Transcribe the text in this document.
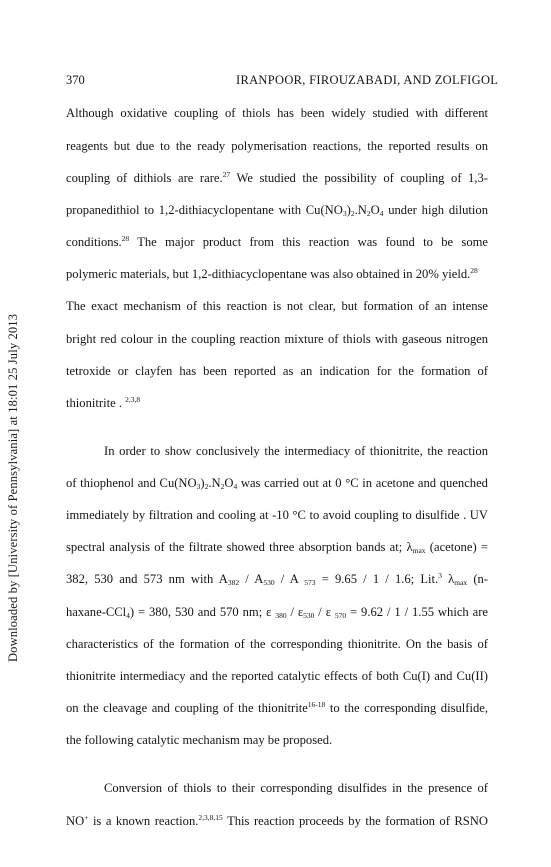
Downloaded by [University of Pennsylvania] at 18:01 25 July 2013
370	IRANPOOR, FIROUZABADI, AND ZOLFIGOL
Although oxidative coupling of thiols has been widely studied with different
reagents but due to the ready polymerisation reactions, the reported results on
coupling of dithiols are rare.$^{27}$ We studied the possibility of coupling of 1,3-
propanedithiol to 1,2-dithiacyclopentane with $Cu(NO_3)_2.N_2O_4$ under high dilution
conditions.$^{28}$ The major product from this reaction was found to be some
polymeric materials, but 1,2-dithiacyclopentane was also obtained in 20% yield.$^{28}$
The exact mechanism of this reaction is not clear, but formation of an intense
bright red colour in the coupling reaction mixture of thiols with gaseous nitrogen
tetroxide or clayfen has been reported as an indication for the formation of
thionitrite . $^{2,3,8}$
In order to show conclusively the intermediacy of thionitrite, the reaction
of thiophenol and $Cu(NO_3)_2.N_2O_4$ was carried out at 0 °C in acetone and quenched
immediately by filtration and cooling at -10 °C to avoid coupling to disulfide . UV
spectral analysis of the filtrate showed three absorption bands at; $\lambda_{max}$ (acetone) =
382, 530 and 573 nm with $A_{382} / A_{530}$ / A $_{573}$ = 9.65 / 1 / 1.6; Lit.$^3$ $\lambda_{max}$ (n-
haxane-CCl$_4$) = 380, 530 and 570 nm; ε $_{380} / \varepsilon_{530}$ / ε $_{570}$ = 9.62 / 1 / 1.55 which are
characteristics of the formation of the corresponding thionitrite. On the basis of
thionitrite intermediacy and the reported catalytic effects of both Cu(I) and Cu(II)
on the cleavage and coupling of the thionitrite$^{16-18}$ to the corresponding disulfide,
the following catalytic mechanism may be proposed.
Conversion of thiols to their corresponding disulfides in the presence of
NO+ is a known reaction.$^{2,3,8,15}$ This reaction proceeds by the formation of RSNO
